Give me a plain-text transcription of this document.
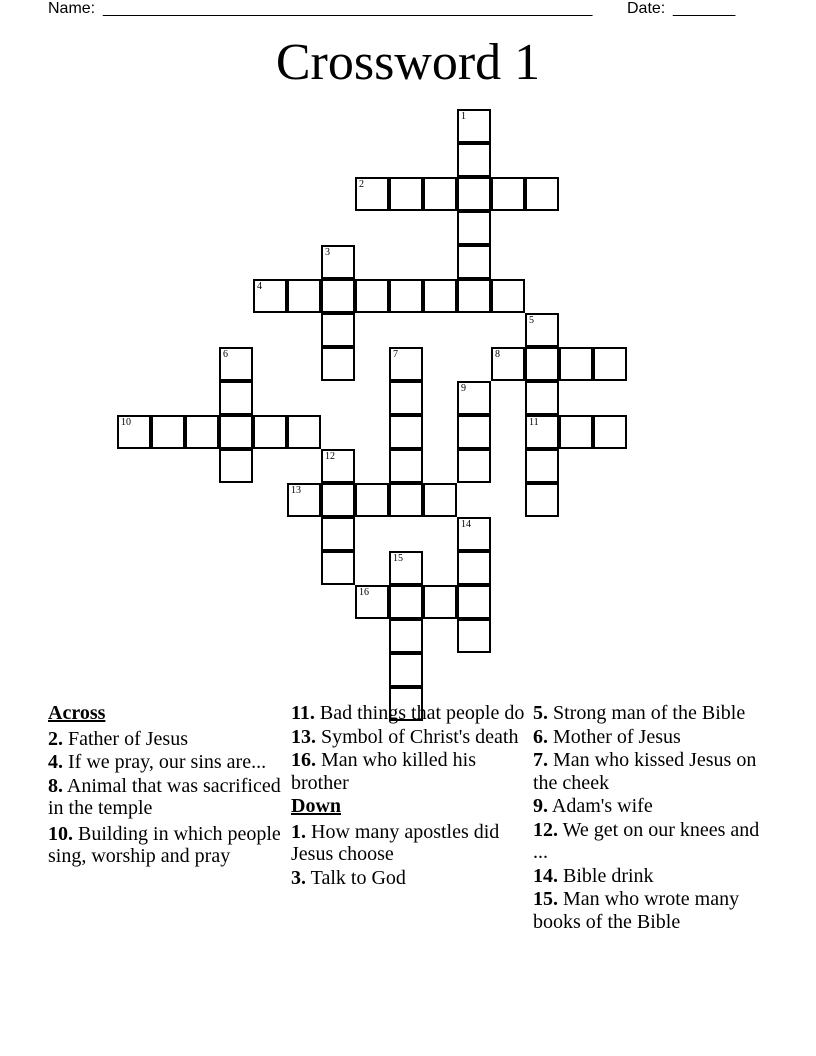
Name:

_______________________________________________________

Date:

_______

Crossword 1
1
2
3
4
5
11
6	7	8
9
10
12
13
14
15
16
Across
2. Father of Jesus
4. If we pray, our sins are...
8. Animal that was sacrificed in the temple
10. Building in which people sing, worship and pray
11. Bad things that people do
13. Symbol of Christ's death
16. Man who killed his brother
Down
1. How many apostles did Jesus choose
3. Talk to God
5. Strong man of the Bible
6. Mother of Jesus
7. Man who kissed Jesus on the cheek
9. Adam's wife
12. We get on our knees and ...
14. Bible drink
15. Man who wrote many books of the Bible
